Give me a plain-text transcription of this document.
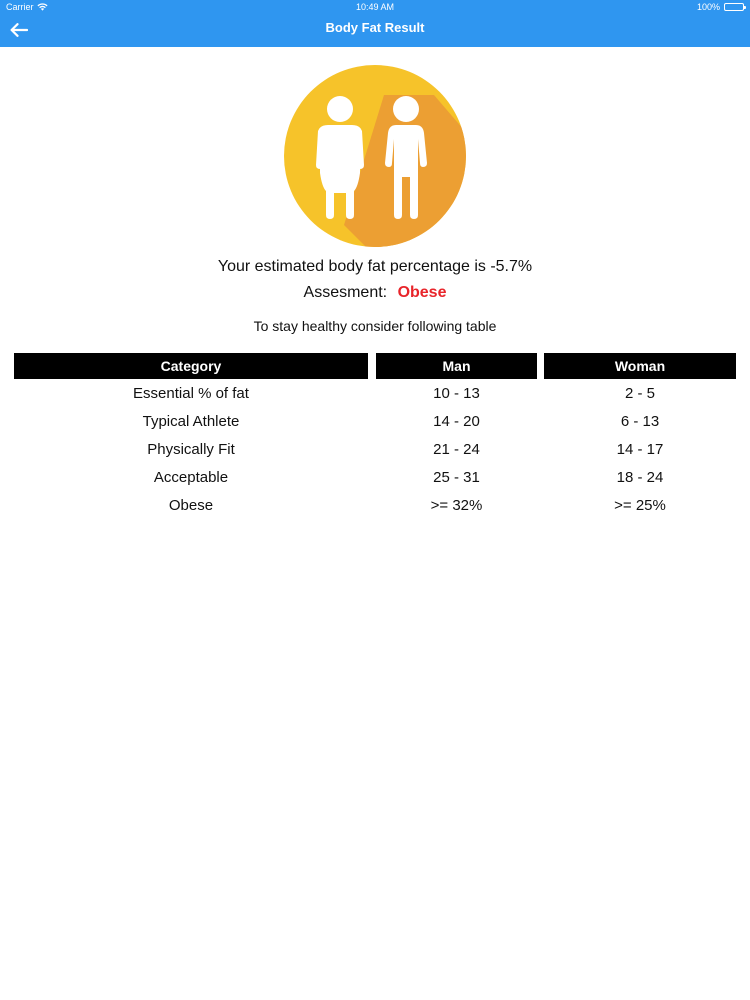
Carrier	10:49 AM	100%
Body Fat Result
Your estimated body fat percentage is -5.7%
Assesment: Obese
To stay healthy consider following table
Category	Man	Woman
Essential % of fat	10 - 13	2 - 5
Typical Athlete	14 - 20	6 - 13
Physically Fit	21 - 24	14 - 17
Acceptable	25 - 31	18 - 24
Obese	>= 32%	>= 25%
